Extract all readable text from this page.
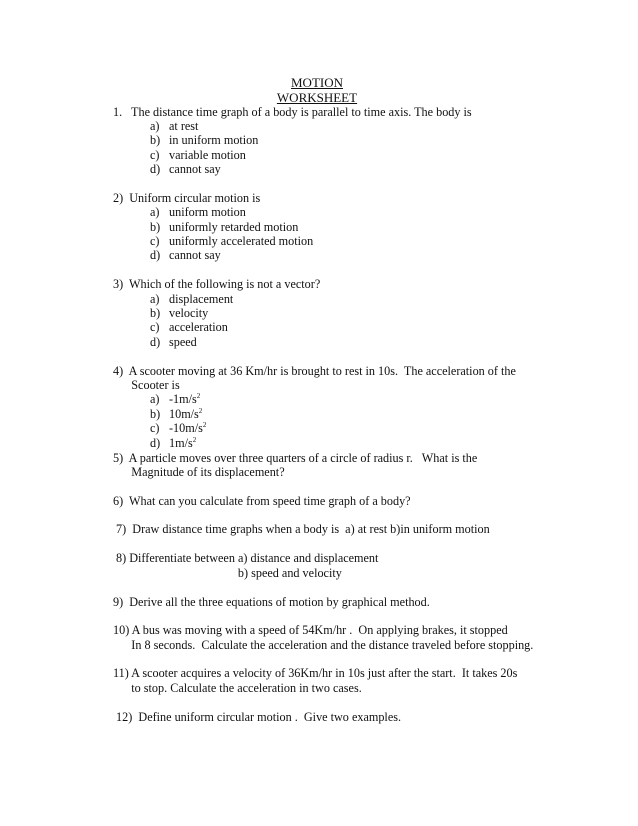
MOTION
WORKSHEET
1.   The distance time graph of a body is parallel to time axis. The body is
a) at rest
b) in uniform motion
c) variable motion
d) cannot say
2)  Uniform circular motion is
a) uniform motion
b) uniformly retarded motion
c) uniformly accelerated motion
d) cannot say
3)  Which of the following is not a vector?
a) displacement
b) velocity
c) acceleration
d) speed
4)  A scooter moving at 36 Km/hr is brought to rest in 10s.  The acceleration of the
Scooter is
a) $-1m/s^2$
b) $10m/s^2$
c) $-10m/s^2$
d) $1m/s^2$
5)  A particle moves over three quarters of a circle of radius r.   What is the
Magnitude of its displacement?
6)  What can you calculate from speed time graph of a body?
7)  Draw distance time graphs when a body is  a) at rest b)in uniform motion
8) Differentiate between a) distance and displacement
b) speed and velocity
9)  Derive all the three equations of motion by graphical method.
10) A bus was moving with a speed of 54Km/hr .  On applying brakes, it stopped
In 8 seconds.  Calculate the acceleration and the distance traveled before stopping.
11) A scooter acquires a velocity of 36Km/hr in 10s just after the start.  It takes 20s
to stop. Calculate the acceleration in two cases.
12)  Define uniform circular motion .  Give two examples.
